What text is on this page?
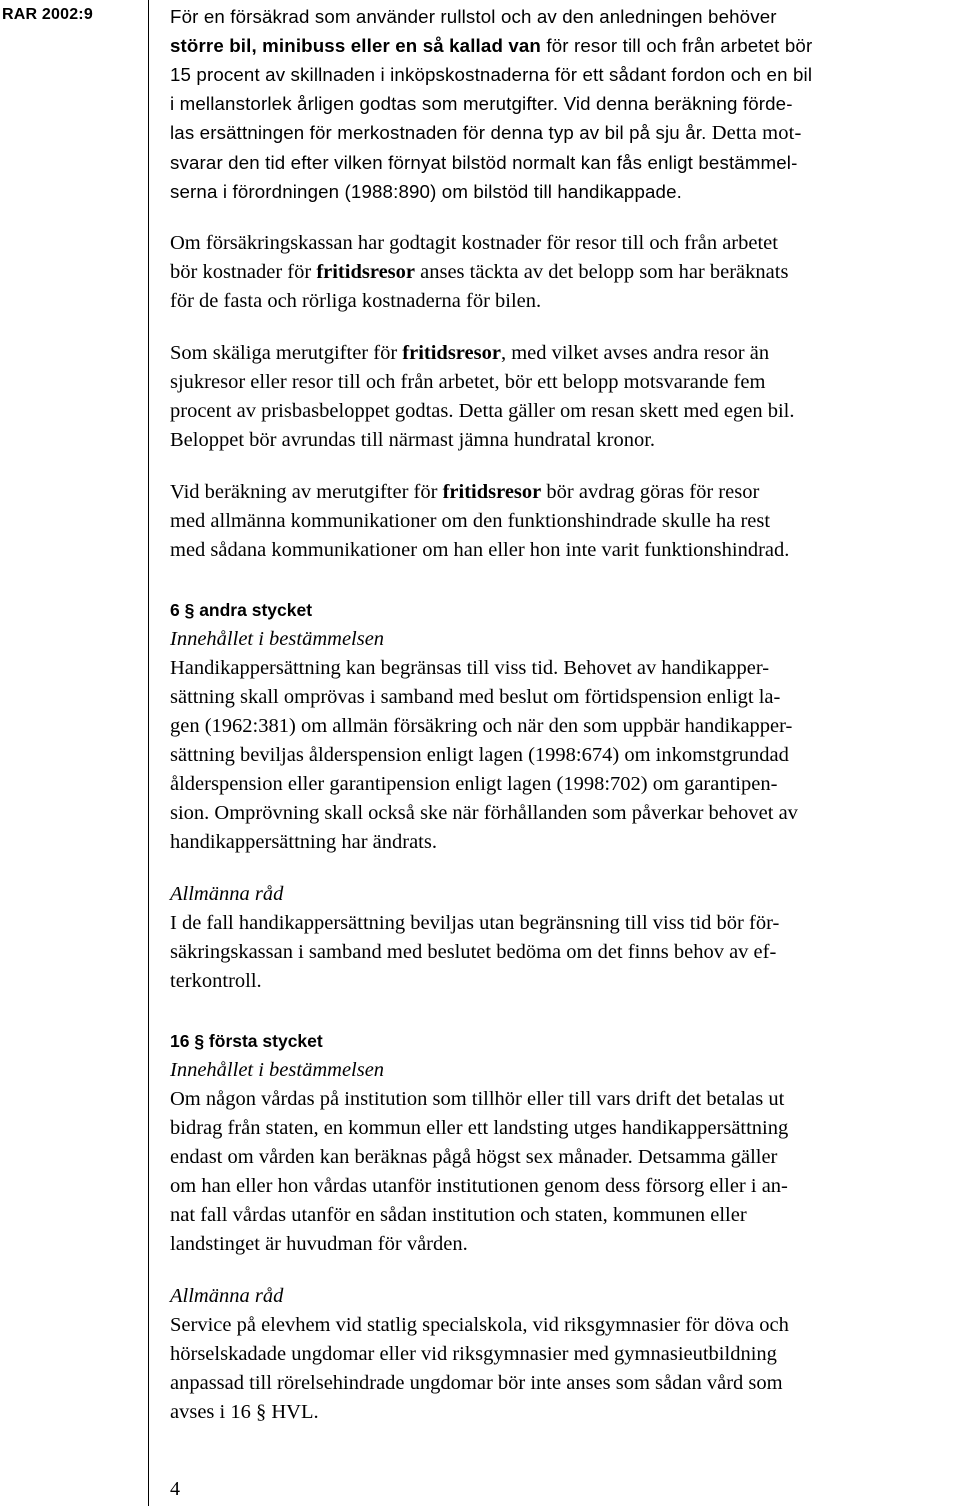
RAR 2002:9	För en försäkrad som använder rullstol och av den anledningen behöver
större bil, minibuss eller en så kallad van för resor till och från arbetet bör
15 procent av skillnaden i inköpskostnaderna för ett sådant fordon och en bil
i mellanstorlek årligen godtas som merutgifter. Vid denna beräkning förde-
las ersättningen för merkostnaden för denna typ av bil på sju år. Detta mot-
svarar den tid efter vilken förnyat bilstöd normalt kan fås enligt bestämmel-
serna i förordningen (1988:890) om bilstöd till handikappade.

Om försäkringskassan har godtagit kostnader för resor till och från arbetet
bör kostnader för fritidsresor anses täckta av det belopp som har beräknats
för de fasta och rörliga kostnaderna för bilen.

Som skäliga merutgifter för fritidsresor, med vilket avses andra resor än
sjukresor eller resor till och från arbetet, bör ett belopp motsvarande fem
procent av prisbasbeloppet godtas. Detta gäller om resan skett med egen bil.
Beloppet bör avrundas till närmast jämna hundratal kronor.

Vid beräkning av merutgifter för fritidsresor bör avdrag göras för resor
med allmänna kommunikationer om den funktionshindrade skulle ha rest
med sådana kommunikationer om han eller hon inte varit funktionshindrad.

6 § andra stycket

Innehållet i bestämmelsen

Handikappersättning kan begränsas till viss tid. Behovet av handikapper-
sättning skall omprövas i samband med beslut om förtidspension enligt la-
gen (1962:381) om allmän försäkring och när den som uppbär handikapper-
sättning beviljas ålderspension enligt lagen (1998:674) om inkomstgrundad
ålderspension eller garantipension enligt lagen (1998:702) om garantipen-
sion. Omprövning skall också ske när förhållanden som påverkar behovet av
handikappersättning har ändrats.

Allmänna råd

I de fall handikappersättning beviljas utan begränsning till viss tid bör för-
säkringskassan i samband med beslutet bedöma om det finns behov av ef-
terkontroll.

16 § första stycket

Innehållet i bestämmelsen

Om någon vårdas på institution som tillhör eller till vars drift det betalas ut
bidrag från staten, en kommun eller ett landsting utges handikappersättning
endast om vården kan beräknas pågå högst sex månader. Detsamma gäller
om han eller hon vårdas utanför institutionen genom dess försorg eller i an-
nat fall vårdas utanför en sådan institution och staten, kommunen eller
landstinget är huvudman för vården.

Allmänna råd

Service på elevhem vid statlig specialskola, vid riksgymnasier för döva och
hörselskadade ungdomar eller vid riksgymnasier med gymnasieutbildning
anpassad till rörelsehindrade ungdomar bör inte anses som sådan vård som
avses i 16 § HVL.

4
